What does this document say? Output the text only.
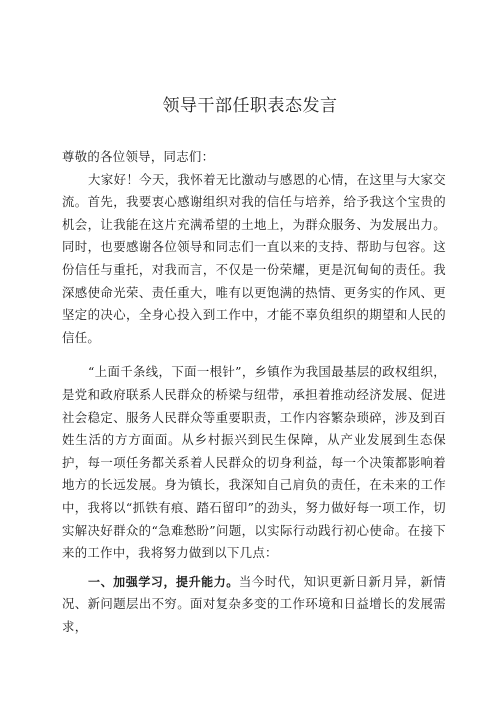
领导干部任职表态发言

尊敬的各位领导，同志们：

大家好！今天，我怀着无比激动与感恩的心情，在这里与大家交流。首先，我要衷心感谢组织对我的信任与培养，给予我这个宝贵的机会，让我能在这片充满希望的土地上，为群众服务、为发展出力。同时，也要感谢各位领导和同志们一直以来的支持、帮助与包容。这份信任与重托，对我而言，不仅是一份荣耀，更是沉甸甸的责任。我深感使命光荣、责任重大，唯有以更饱满的热情、更务实的作风、更坚定的决心，全身心投入到工作中，才能不辜负组织的期望和人民的信任。

“上面千条线，下面一根针”，乡镇作为我国最基层的政权组织，是党和政府联系人民群众的桥梁与纽带，承担着推动经济发展、促进社会稳定、服务人民群众等重要职责，工作内容繁杂琐碎，涉及到百姓生活的方方面面。从乡村振兴到民生保障，从产业发展到生态保护，每一项任务都关系着人民群众的切身利益，每一个决策都影响着地方的长远发展。身为镇长，我深知自己肩负的责任，在未来的工作中，我将以“抓铁有痕、踏石留印”的劲头，努力做好每一项工作，切实解决好群众的“急难愁盼”问题，以实际行动践行初心使命。在接下来的工作中，我将努力做到以下几点：

一、加强学习，提升能力。当今时代，知识更新日新月异，新情况、新问题层出不穷。面对复杂多变的工作环境和日益增长的发展需求，
